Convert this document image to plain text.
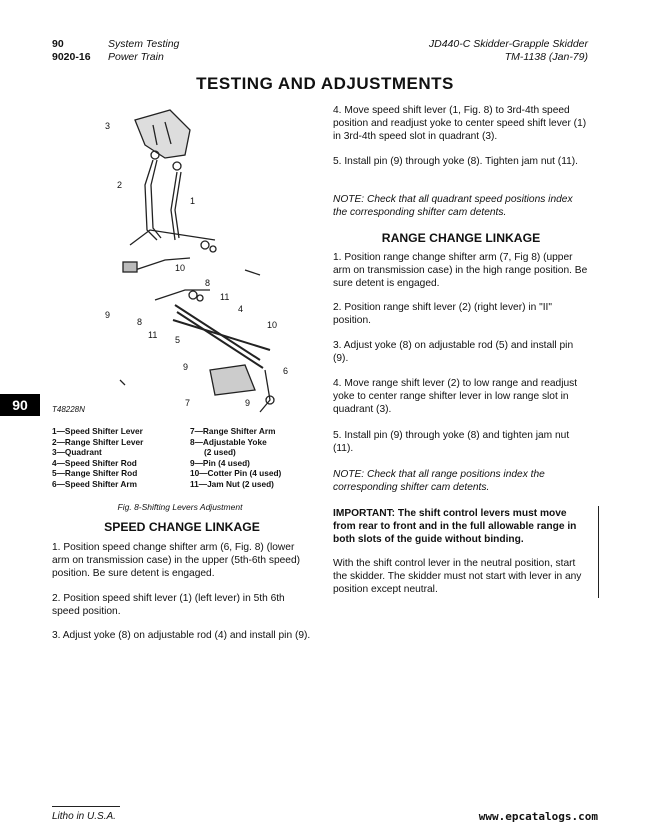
90
9020-16
System Testing
Power Train
JD440-C Skidder-Grapple Skidder
TM-1138 (Jan-79)
TESTING AND ADJUSTMENTS
90
3
2
1
10
8
11
4
9
8
11 5
10
6
9
7	9
T48228N
1—Speed Shifter Lever
2—Range Shifter Lever
3—Quadrant
4—Speed Shifter Rod
5—Range Shifter Rod
6—Speed Shifter Arm
7—Range Shifter Arm
8—Adjustable Yoke
(2 used)
9—Pin (4 used)
10—Cotter Pin (4 used)
11—Jam Nut (2 used)
Fig. 8-Shifting Levers Adjustment
SPEED CHANGE LINKAGE
1. Position speed change shifter arm (6, Fig. 8) (lower arm on transmission case) in the upper (5th-6th speed) position. Be sure detent is engaged.
2. Position speed shift lever (1) (left lever) in 5th 6th speed position.
3. Adjust yoke (8) on adjustable rod (4) and install pin (9).
4. Move speed shift lever (1, Fig. 8) to 3rd-4th speed position and readjust yoke to center speed shift lever (1) in 3rd-4th speed slot in quadrant (3).
5. Install pin (9) through yoke (8). Tighten jam nut (11).
NOTE: Check that all quadrant speed positions index the corresponding shifter cam detents.
RANGE CHANGE LINKAGE
1. Position range change shifter arm (7, Fig 8) (upper arm on transmission case) in the high range position. Be sure detent is engaged.
2. Position range shift lever (2) (right lever) in "II" position.
3. Adjust yoke (8) on adjustable rod (5) and install pin (9).
4. Move range shift lever (2) to low range and readjust yoke to center range shifter lever in low range slot in quadrant (3).
5. Install pin (9) through yoke (8) and tighten jam nut (11).
NOTE: Check that all range positions index the corresponding shifter cam detents.
IMPORTANT: The shift control levers must move from rear to front and in the full allowable range in both slots of the guide without binding.
With the shift control lever in the neutral position, start the skidder. The skidder must not start with lever in any position except neutral.
Litho in U.S.A.	www.epcatalogs.com
